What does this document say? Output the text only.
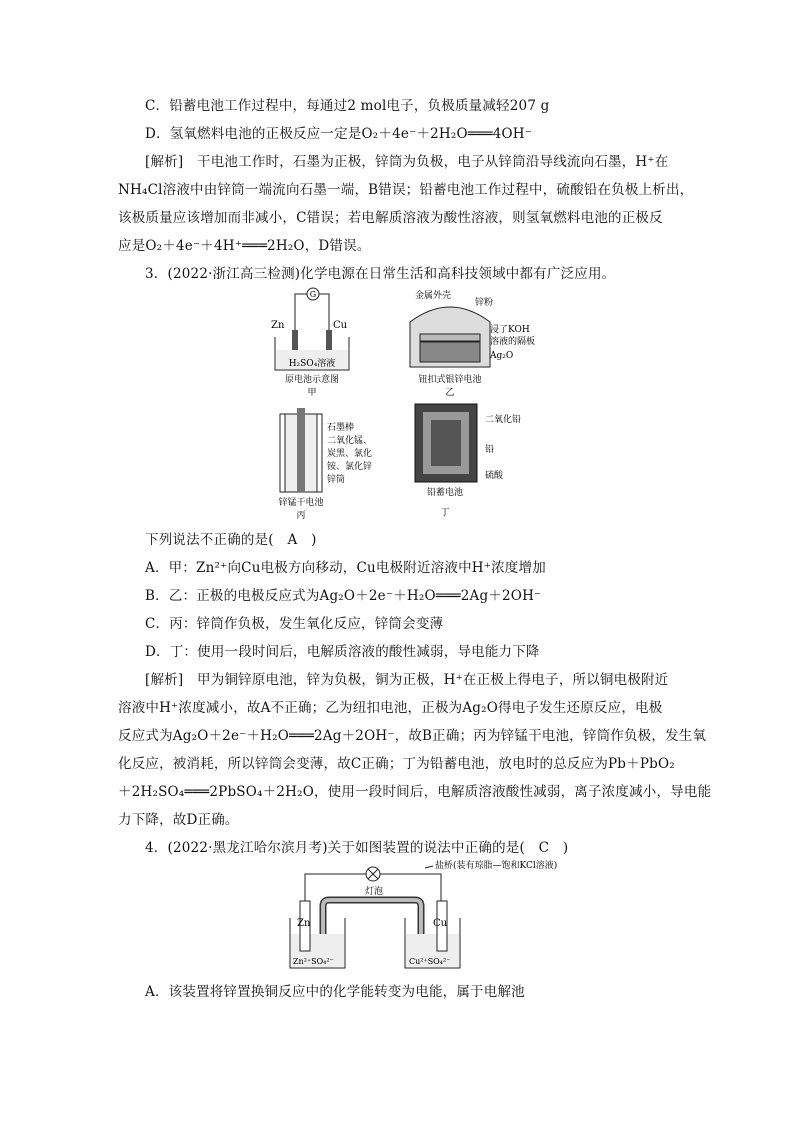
C．铅蓄电池工作过程中，每通过2 mol电子，负极质量减轻207 g
D．氢氧燃料电池的正极反应一定是O₂＋4e⁻＋2H₂O═══4OH⁻
[解析]　干电池工作时，石墨为正极，锌筒为负极，电子从锌筒沿导线流向石墨，H⁺在
NH₄Cl溶液中由锌筒一端流向石墨一端，B错误；铅蓄电池工作过程中，硫酸铅在负极上析出，
该极质量应该增加而非减小，C错误；若电解质溶液为酸性溶液，则氢氧燃料电池的正极反
应是O₂＋4e⁻＋4H⁺═══2H₂O，D错误。
3．(2022·浙江高三检测)化学电源在日常生活和高科技领域中都有广泛应用。
G
Zn	Cu
H₂SO₄溶液
原电池示意图
甲
金属外壳
锌粉
浸了KOH
溶液的隔板
Ag₂O
钮扣式银锌电池
乙
石墨棒
二氧化锰、
炭黑、氯化
铵、氯化锌
锌筒
锌锰干电池
丙
二氧化铅
铅
硫酸
铅蓄电池
丁
下列说法不正确的是(　A　)
A．甲：Zn²⁺向Cu电极方向移动，Cu电极附近溶液中H⁺浓度增加
B．乙：正极的电极反应式为Ag₂O＋2e⁻＋H₂O═══2Ag＋2OH⁻
C．丙：锌筒作负极，发生氧化反应，锌筒会变薄
D．丁：使用一段时间后，电解质溶液的酸性减弱，导电能力下降
[解析]　甲为铜锌原电池，锌为负极，铜为正极，H⁺在正极上得电子，所以铜电极附近
溶液中H⁺浓度减小，故A不正确；乙为纽扣电池，正极为Ag₂O得电子发生还原反应，电极
反应式为Ag₂O＋2e⁻＋H₂O═══2Ag＋2OH⁻，故B正确；丙为锌锰干电池，锌筒作负极，发生氧
化反应，被消耗，所以锌筒会变薄，故C正确；丁为铅蓄电池，放电时的总反应为Pb＋PbO₂
＋2H₂SO₄═══2PbSO₄＋2H₂O，使用一段时间后，电解质溶液酸性减弱，离子浓度减小，导电能
力下降，故D正确。
4．(2022·黑龙江哈尔滨月考)关于如图装置的说法中正确的是(　C　)
盐桥(装有琼脂—饱和KCl溶液)
灯泡
Zn	Cu
Zn²⁺SO₄²⁻	Cu²⁺SO₄²⁻
A．该装置将锌置换铜反应中的化学能转变为电能，属于电解池
